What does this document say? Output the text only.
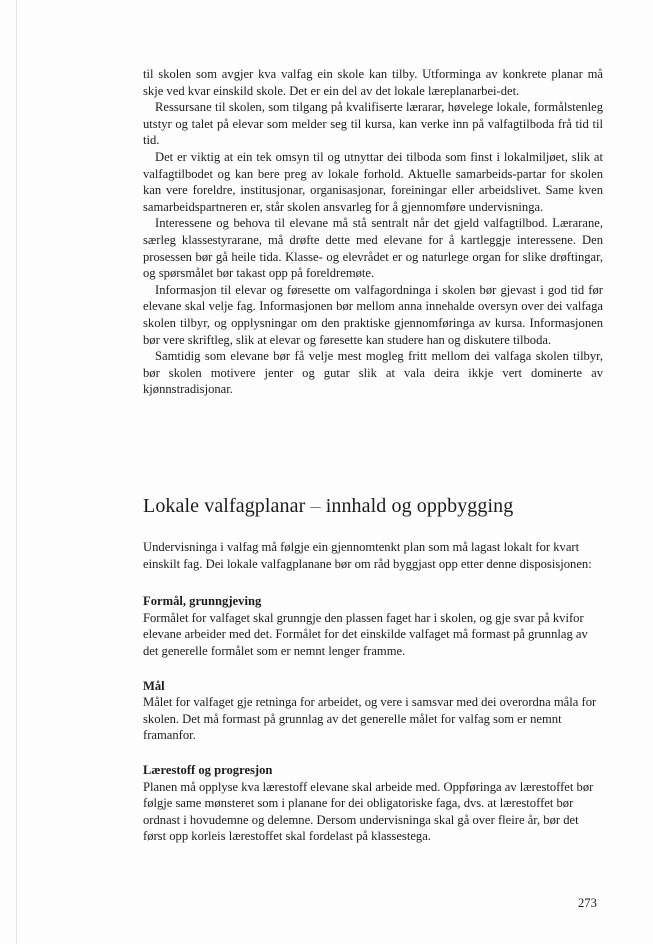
til skolen som avgjer kva valfag ein skole kan tilby. Utforminga av konkrete planar må skje ved kvar einskild skole. Det er ein del av det lokale læreplanarbei-det.

Ressursane til skolen, som tilgang på kvalifiserte lærarar, høvelege lokale, formålstenleg utstyr og talet på elevar som melder seg til kursa, kan verke inn på valfagtilboda frå tid til tid.

Det er viktig at ein tek omsyn til og utnyttar dei tilboda som finst i lokalmiljøet, slik at valfagtilbodet og kan bere preg av lokale forhold. Aktuelle samarbeids-partar for skolen kan vere foreldre, institusjonar, organisasjonar, foreiningar eller arbeidslivet. Same kven samarbeidspartneren er, står skolen ansvarleg for å gjennomføre undervisninga.

Interessene og behova til elevane må stå sentralt når det gjeld valfagtilbod. Lærarane, særleg klassestyrarane, må drøfte dette med elevane for å kartleggje interessene. Den prosessen bør gå heile tida. Klasse- og elevrådet er og naturlege organ for slike drøftingar, og spørsmålet bør takast opp på foreldremøte.

Informasjon til elevar og føresette om valfagordninga i skolen bør gjevast i god tid før elevane skal velje fag. Informasjonen bør mellom anna innehalde oversyn over dei valfaga skolen tilbyr, og opplysningar om den praktiske gjennomføringa av kursa. Informasjonen bør vere skriftleg, slik at elevar og føresette kan studere han og diskutere tilboda.

Samtidig som elevane bør få velje mest mogleg fritt mellom dei valfaga skolen tilbyr, bør skolen motivere jenter og gutar slik at vala deira ikkje vert dominerte av kjønnstradisjonar.

Lokale valfagplanar – innhald og oppbygging

Undervisninga i valfag må følgje ein gjennomtenkt plan som må lagast lokalt for kvart einskilt fag. Dei lokale valfagplanane bør om råd byggjast opp etter denne disposisjonen:

Formål, grunngjeving

Formålet for valfaget skal grunngje den plassen faget har i skolen, og gje svar på kvifor elevane arbeider med det. Formålet for det einskilde valfaget må formast på grunnlag av det generelle formålet som er nemnt lenger framme.

Mål

Målet for valfaget gje retninga for arbeidet, og vere i samsvar med dei overordna måla for skolen. Det må formast på grunnlag av det generelle målet for valfag som er nemnt framanfor.

Lærestoff og progresjon

Planen må opplyse kva lærestoff elevane skal arbeide med. Oppføringa av lærestoffet bør følgje same mønsteret som i planane for dei obligatoriske faga, dvs. at lærestoffet bør ordnast i hovudemne og delemne. Dersom undervisninga skal gå over fleire år, bør det først opp korleis lærestoffet skal fordelast på klassestega.

273
